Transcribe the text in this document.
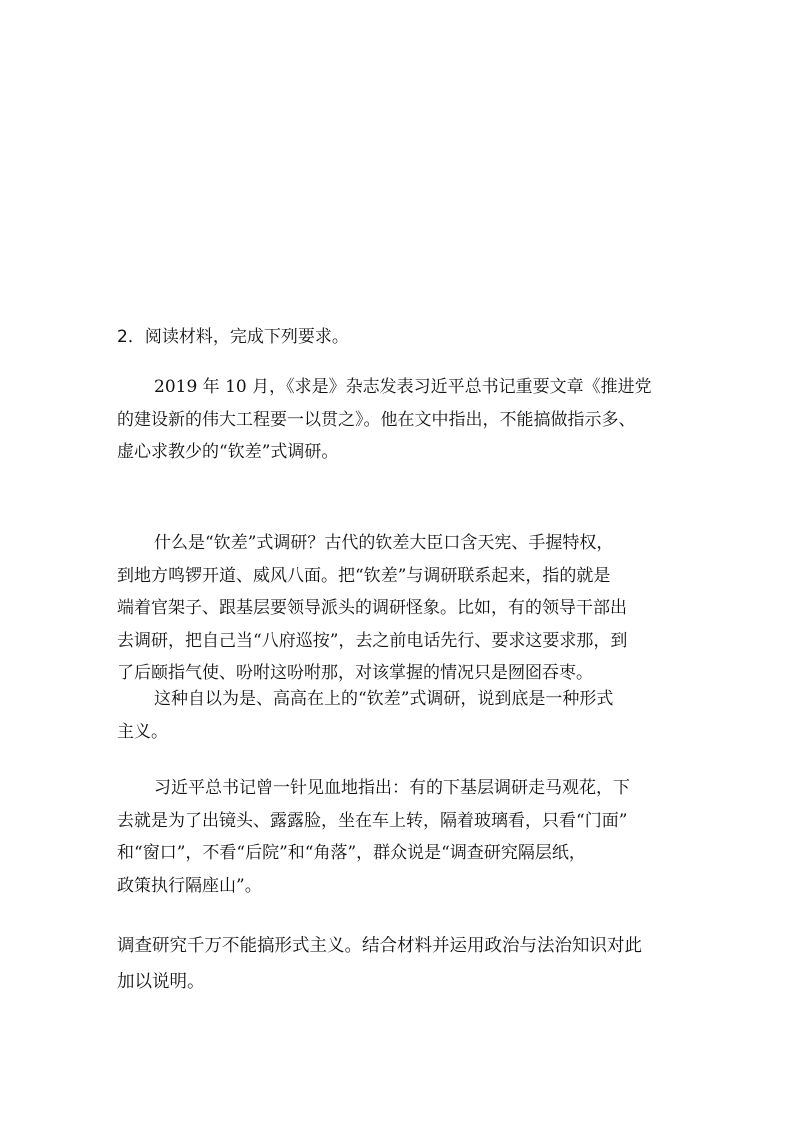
2．阅读材料，完成下列要求。
2019 年 10 月，《求是》杂志发表习近平总书记重要文章《推进党
的建设新的伟大工程要一以贯之》。他在文中指出，不能搞做指示多、
虚心求教少的“钦差”式调研。
什么是“钦差”式调研？古代的钦差大臣口含天宪、手握特权，
到地方鸣锣开道、威风八面。把“钦差”与调研联系起来，指的就是
端着官架子、跟基层要领导派头的调研怪象。比如，有的领导干部出
去调研，把自己当“八府巡按”，去之前电话先行、要求这要求那，到
了后颐指气使、吩咐这吩咐那，对该掌握的情况只是囫囵吞枣。
这种自以为是、高高在上的“钦差”式调研，说到底是一种形式
主义。
习近平总书记曾一针见血地指出：有的下基层调研走马观花，下
去就是为了出镜头、露露脸，坐在车上转，隔着玻璃看，只看“门面”
和“窗口”，不看“后院”和“角落”，群众说是“调查研究隔层纸，
政策执行隔座山”。
调查研究千万不能搞形式主义。结合材料并运用政治与法治知识对此
加以说明。
